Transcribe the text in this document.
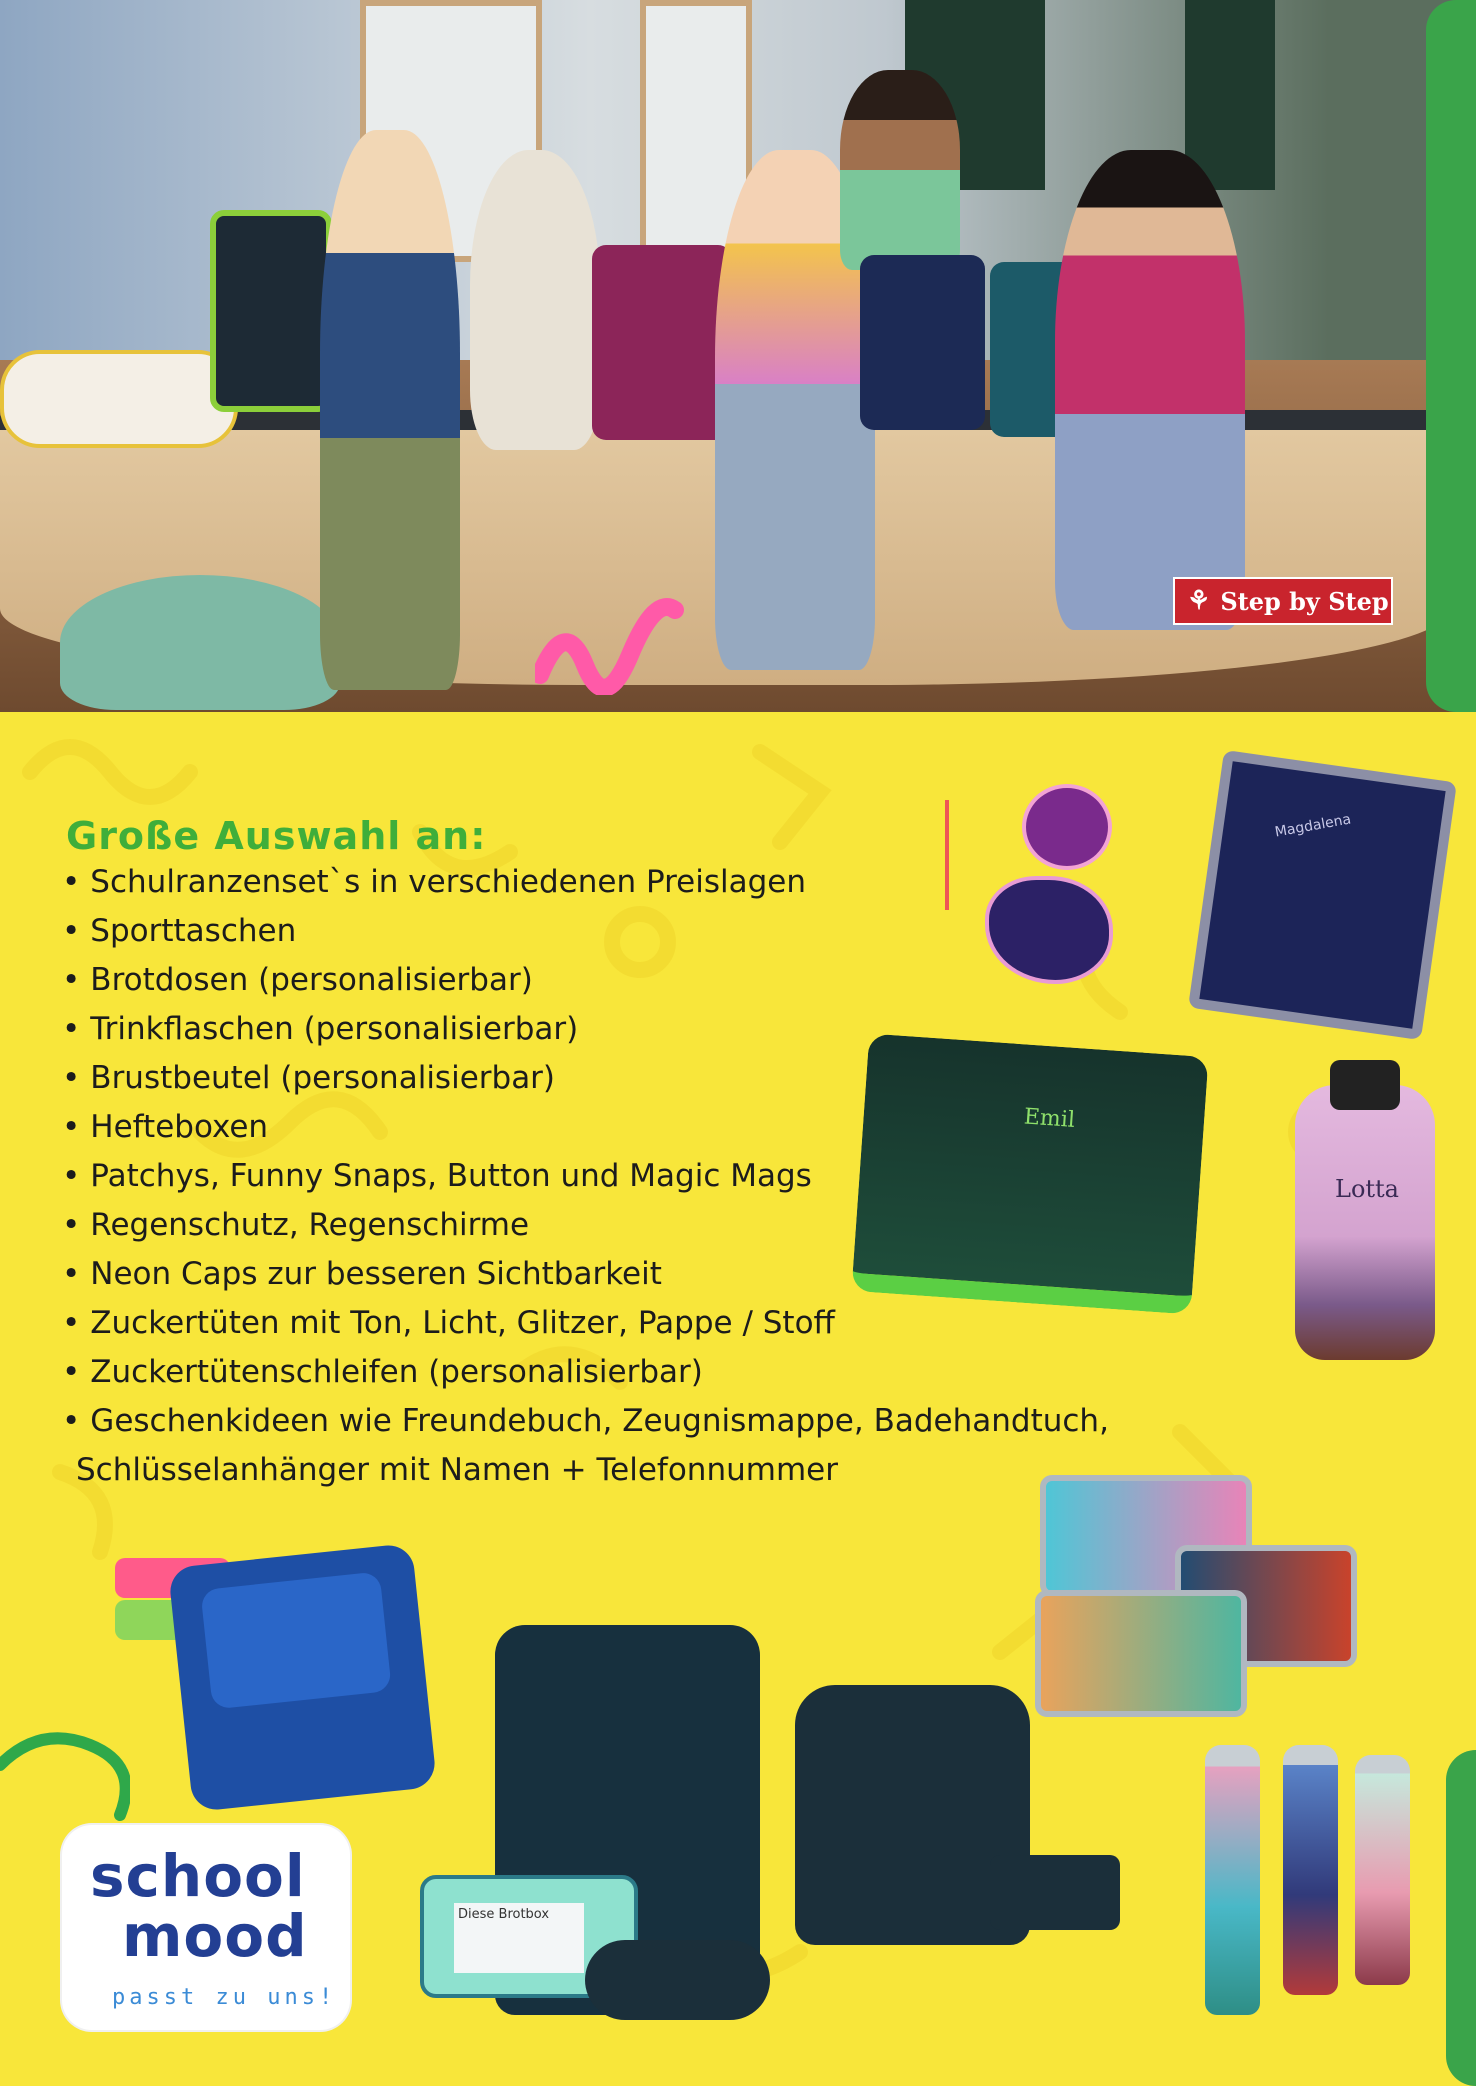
⚘ Step by Step
Große Auswahl an:
• Schulranzenset`s in verschiedenen Preislagen
• Sporttaschen
• Brotdosen (personalisierbar)
• Trinkflaschen (personalisierbar)
• Brustbeutel (personalisierbar)
• Hefteboxen
• Patchys, Funny Snaps, Button und Magic Mags
• Regenschutz, Regenschirme
• Neon Caps zur besseren Sichtbarkeit
• Zuckertüten mit Ton, Licht, Glitzer, Pappe / Stoff
• Zuckertütenschleifen (personalisierbar)
• Geschenkideen wie Freundebuch, Zeugnismappe, Badehandtuch,
Schlüsselanhänger mit Namen + Telefonnummer
Magdalena
Emil
Lotta
Diese Brotbox
school
mood
passt zu uns!
